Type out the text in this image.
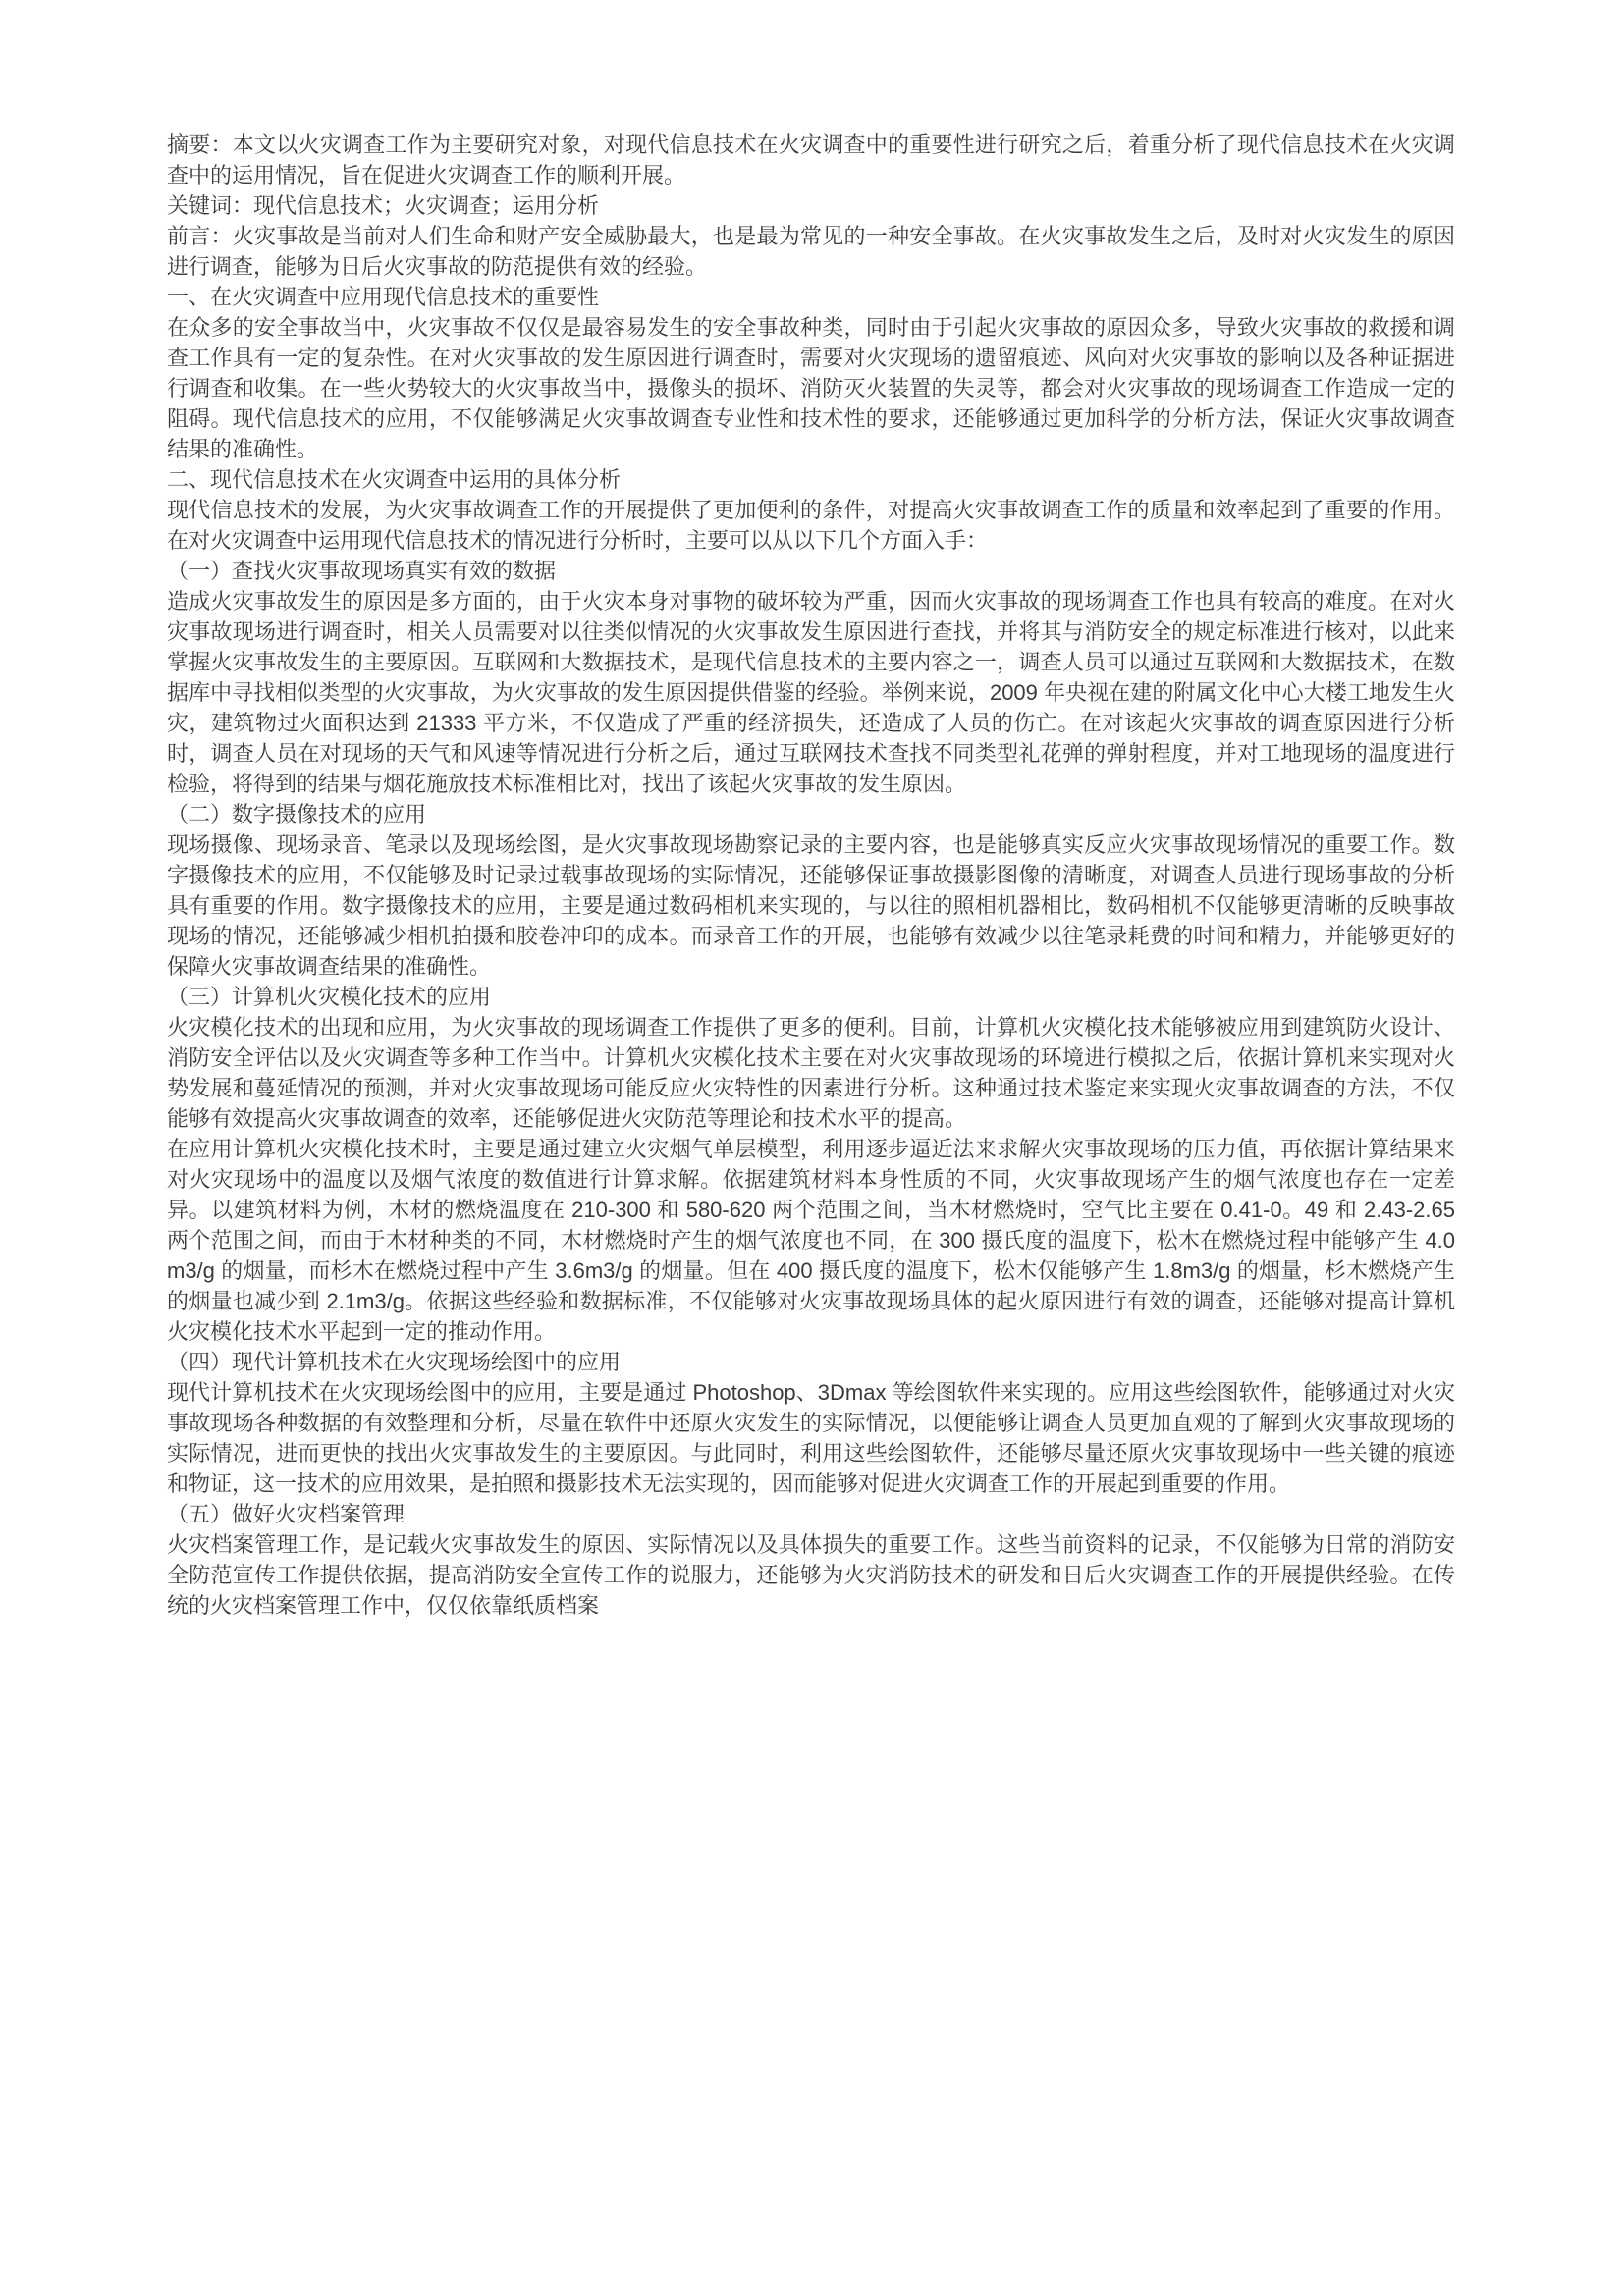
摘要：本文以火灾调查工作为主要研究对象，对现代信息技术在火灾调查中的重要性进行研究之后，着重分析了现代信息技术在火灾调查中的运用情况，旨在促进火灾调查工作的顺利开展。

关键词：现代信息技术；火灾调查；运用分析

前言：火灾事故是当前对人们生命和财产安全威胁最大，也是最为常见的一种安全事故。在火灾事故发生之后，及时对火灾发生的原因进行调查，能够为日后火灾事故的防范提供有效的经验。

一、在火灾调查中应用现代信息技术的重要性

在众多的安全事故当中，火灾事故不仅仅是最容易发生的安全事故种类，同时由于引起火灾事故的原因众多，导致火灾事故的救援和调查工作具有一定的复杂性。在对火灾事故的发生原因进行调查时，需要对火灾现场的遗留痕迹、风向对火灾事故的影响以及各种证据进行调查和收集。在一些火势较大的火灾事故当中，摄像头的损坏、消防灭火装置的失灵等，都会对火灾事故的现场调查工作造成一定的阻碍。现代信息技术的应用，不仅能够满足火灾事故调查专业性和技术性的要求，还能够通过更加科学的分析方法，保证火灾事故调查结果的准确性。

二、现代信息技术在火灾调查中运用的具体分析

现代信息技术的发展，为火灾事故调查工作的开展提供了更加便利的条件，对提高火灾事故调查工作的质量和效率起到了重要的作用。在对火灾调查中运用现代信息技术的情况进行分析时，主要可以从以下几个方面入手：

（一）查找火灾事故现场真实有效的数据

造成火灾事故发生的原因是多方面的，由于火灾本身对事物的破坏较为严重，因而火灾事故的现场调查工作也具有较高的难度。在对火灾事故现场进行调查时，相关人员需要对以往类似情况的火灾事故发生原因进行查找，并将其与消防安全的规定标准进行核对，以此来掌握火灾事故发生的主要原因。互联网和大数据技术，是现代信息技术的主要内容之一，调查人员可以通过互联网和大数据技术，在数据库中寻找相似类型的火灾事故，为火灾事故的发生原因提供借鉴的经验。举例来说，2009 年央视在建的附属文化中心大楼工地发生火灾，建筑物过火面积达到 21333 平方米，不仅造成了严重的经济损失，还造成了人员的伤亡。在对该起火灾事故的调查原因进行分析时，调查人员在对现场的天气和风速等情况进行分析之后，通过互联网技术查找不同类型礼花弹的弹射程度，并对工地现场的温度进行检验，将得到的结果与烟花施放技术标准相比对，找出了该起火灾事故的发生原因。

（二）数字摄像技术的应用

现场摄像、现场录音、笔录以及现场绘图，是火灾事故现场勘察记录的主要内容，也是能够真实反应火灾事故现场情况的重要工作。数字摄像技术的应用，不仅能够及时记录过载事故现场的实际情况，还能够保证事故摄影图像的清晰度，对调查人员进行现场事故的分析具有重要的作用。数字摄像技术的应用，主要是通过数码相机来实现的，与以往的照相机器相比，数码相机不仅能够更清晰的反映事故现场的情况，还能够减少相机拍摄和胶卷冲印的成本。而录音工作的开展，也能够有效减少以往笔录耗费的时间和精力，并能够更好的保障火灾事故调查结果的准确性。

（三）计算机火灾模化技术的应用

火灾模化技术的出现和应用，为火灾事故的现场调查工作提供了更多的便利。目前，计算机火灾模化技术能够被应用到建筑防火设计、消防安全评估以及火灾调查等多种工作当中。计算机火灾模化技术主要在对火灾事故现场的环境进行模拟之后，依据计算机来实现对火势发展和蔓延情况的预测，并对火灾事故现场可能反应火灾特性的因素进行分析。这种通过技术鉴定来实现火灾事故调查的方法，不仅能够有效提高火灾事故调查的效率，还能够促进火灾防范等理论和技术水平的提高。

在应用计算机火灾模化技术时，主要是通过建立火灾烟气单层模型，利用逐步逼近法来求解火灾事故现场的压力值，再依据计算结果来对火灾现场中的温度以及烟气浓度的数值进行计算求解。依据建筑材料本身性质的不同，火灾事故现场产生的烟气浓度也存在一定差异。以建筑材料为例，木材的燃烧温度在 210-300 和 580-620 两个范围之间，当木材燃烧时，空气比主要在 0.41-0。49 和 2.43-2.65 两个范围之间，而由于木材种类的不同，木材燃烧时产生的烟气浓度也不同，在 300 摄氏度的温度下，松木在燃烧过程中能够产生 4.0m3/g 的烟量，而杉木在燃烧过程中产生 3.6m3/g 的烟量。但在 400 摄氏度的温度下，松木仅能够产生 1.8m3/g 的烟量，杉木燃烧产生的烟量也减少到 2.1m3/g。依据这些经验和数据标准，不仅能够对火灾事故现场具体的起火原因进行有效的调查，还能够对提高计算机火灾模化技术水平起到一定的推动作用。

（四）现代计算机技术在火灾现场绘图中的应用

现代计算机技术在火灾现场绘图中的应用，主要是通过 Photoshop、3Dmax 等绘图软件来实现的。应用这些绘图软件，能够通过对火灾事故现场各种数据的有效整理和分析，尽量在软件中还原火灾发生的实际情况，以便能够让调查人员更加直观的了解到火灾事故现场的实际情况，进而更快的找出火灾事故发生的主要原因。与此同时，利用这些绘图软件，还能够尽量还原火灾事故现场中一些关键的痕迹和物证，这一技术的应用效果，是拍照和摄影技术无法实现的，因而能够对促进火灾调查工作的开展起到重要的作用。

（五）做好火灾档案管理

火灾档案管理工作，是记载火灾事故发生的原因、实际情况以及具体损失的重要工作。这些当前资料的记录，不仅能够为日常的消防安全防范宣传工作提供依据，提高消防安全宣传工作的说服力，还能够为火灾消防技术的研发和日后火灾调查工作的开展提供经验。在传统的火灾档案管理工作中，仅仅依靠纸质档案
